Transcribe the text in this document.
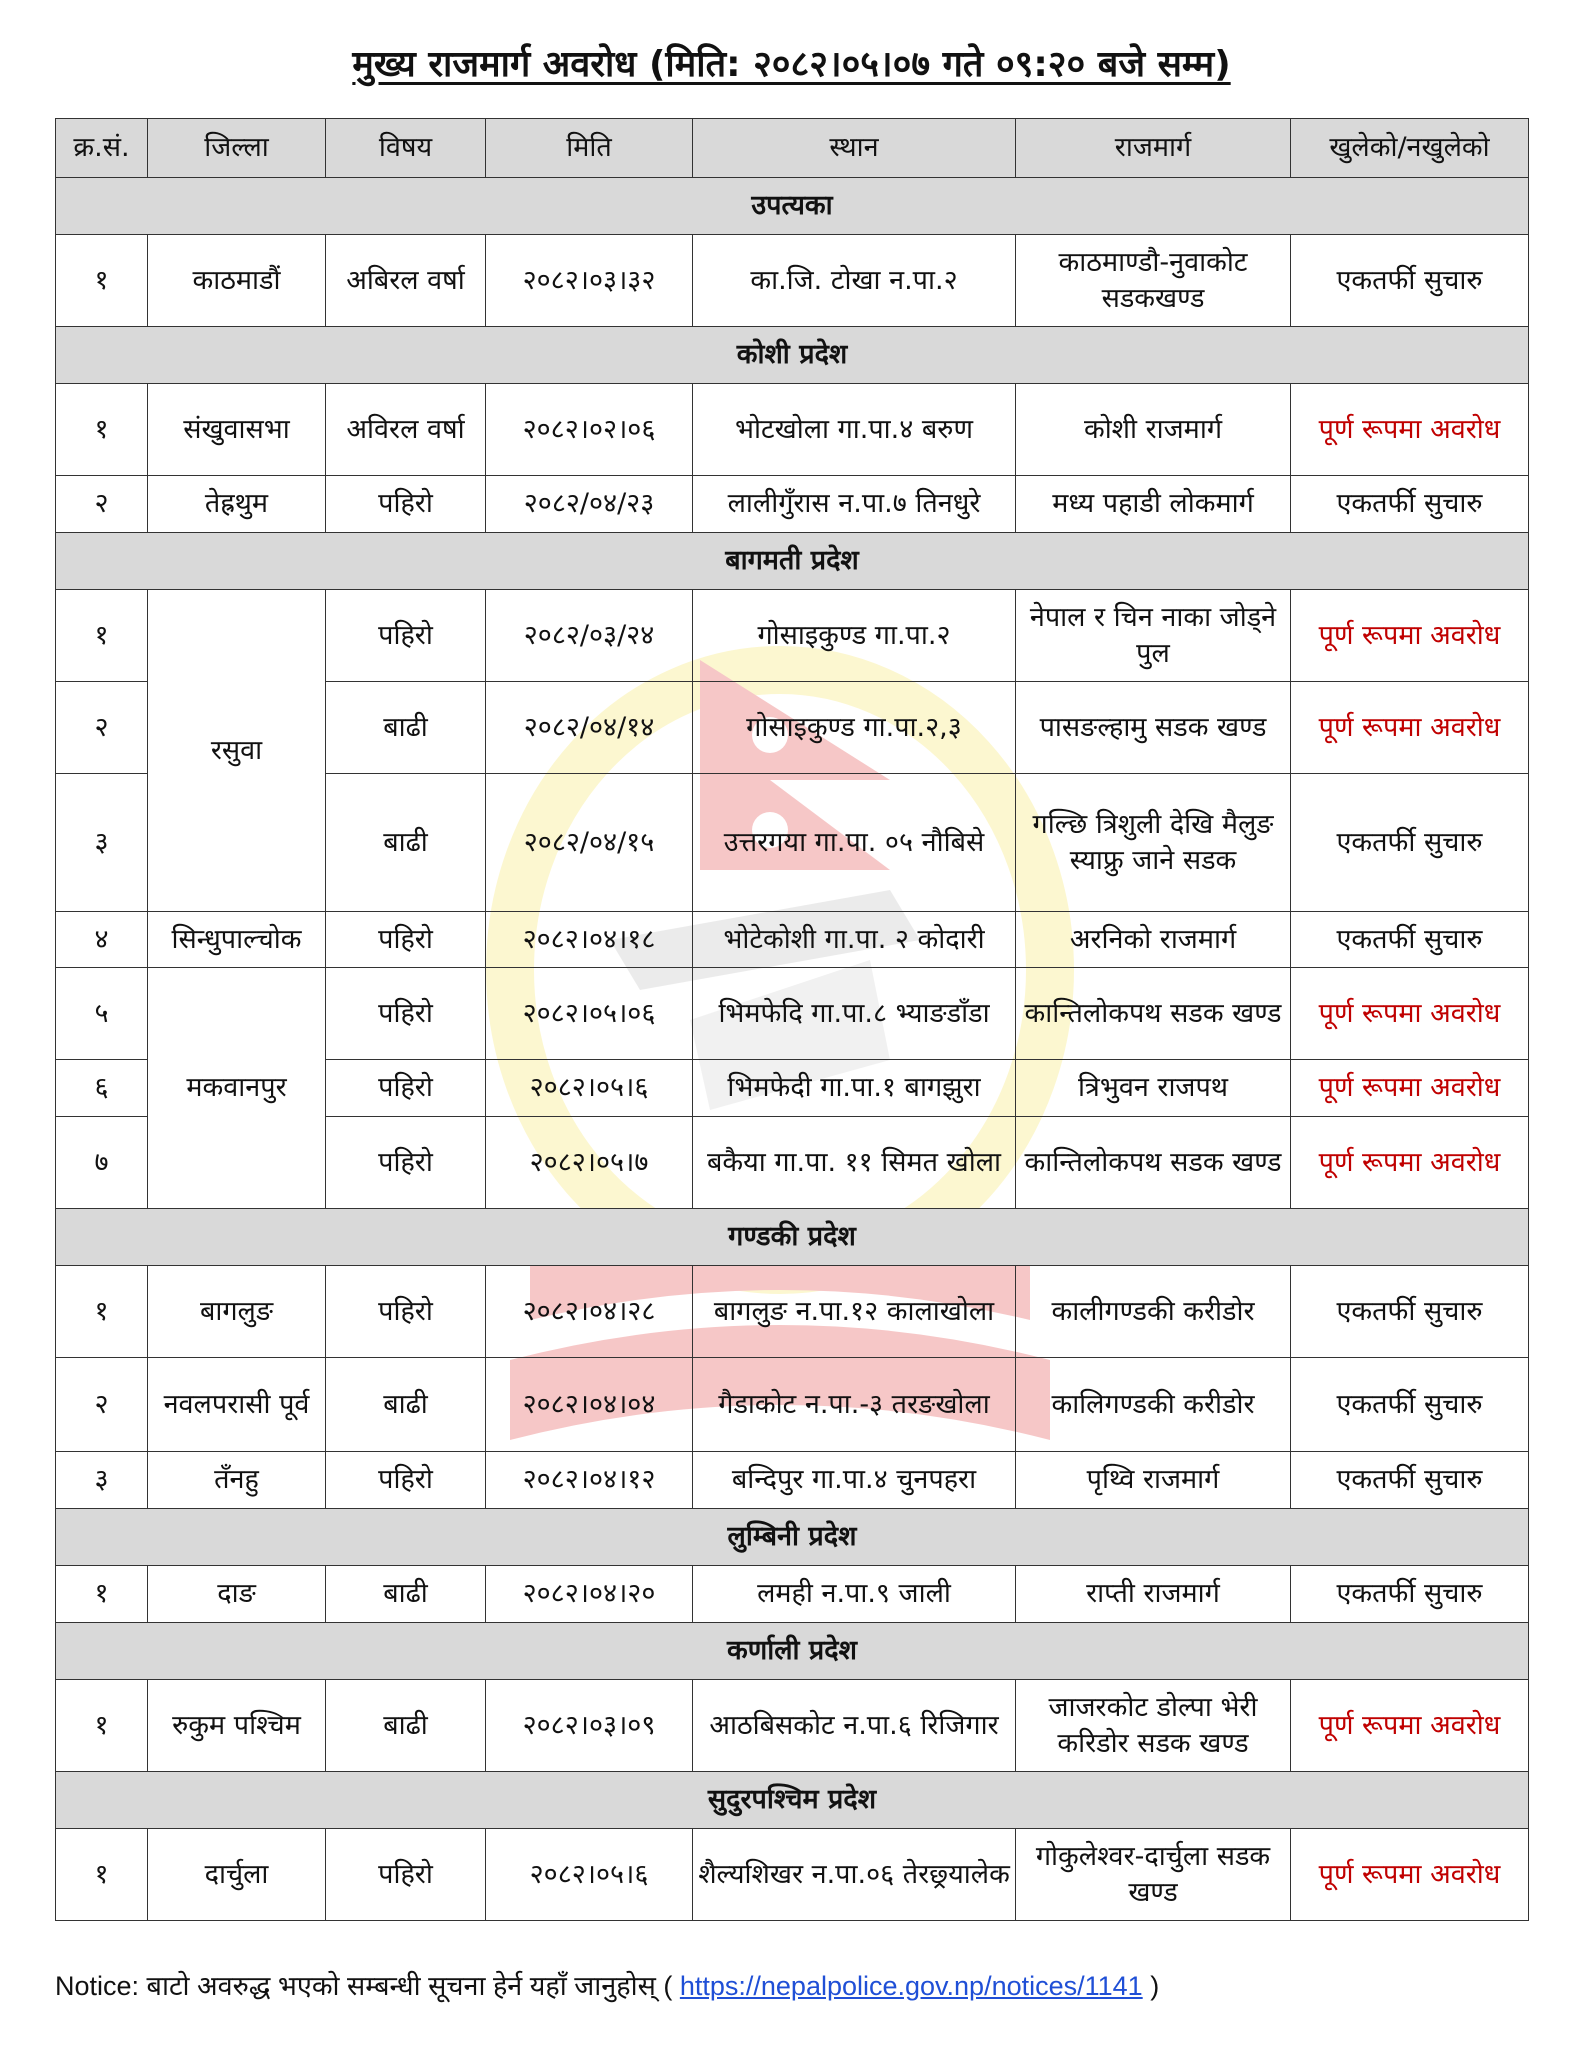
मुख्य राजमार्ग अवरोध (मिति: २०८२।०५।०७ गते ०९:२० बजे सम्म)
क्र.सं.	जिल्ला	विषय	मिति	स्थान	राजमार्ग	खुलेको/नखुलेको
उपत्यका						
१	काठमाडौं	अबिरल वर्षा	२०८२।०३।३२	का.जि. टोखा न.पा.२	काठमाण्डौ-नुवाकोट सडकखण्ड	एकतर्फी सुचारु
कोशी प्रदेश						
१	संखुवासभा	अविरल वर्षा	२०८२।०२।०६	भोटखोला गा.पा.४ बरुण	कोशी राजमार्ग	पूर्ण रूपमा अवरोध
२	तेह्रथुम	पहिरो	२०८२/०४/२३	लालीगुँरास न.पा.७ तिनधुरे	मध्य पहाडी लोकमार्ग	एकतर्फी सुचारु
बागमती प्रदेश						
१	रसुवा	पहिरो	२०८२/०३/२४	गोसाइकुण्ड गा.पा.२	नेपाल र चिन नाका जोड्ने पुल	पूर्ण रूपमा अवरोध
२		बाढी	२०८२/०४/१४	गोसाइकुण्ड गा.पा.२,३	पासङल्हामु सडक खण्ड	पूर्ण रूपमा अवरोध
३		बाढी	२०८२/०४/१५	उत्तरगया गा.पा. ०५ नौबिसे	गल्छि त्रिशुली देखि मैलुङ स्याफ्रु जाने सडक	एकतर्फी सुचारु
४	सिन्धुपाल्चोक	पहिरो	२०८२।०४।१८	भोटेकोशी गा.पा. २ कोदारी	अरनिको राजमार्ग	एकतर्फी सुचारु
५	मकवानपुर	पहिरो	२०८२।०५।०६	भिमफेदि गा.पा.८ भ्याङडाँडा	कान्तिलोकपथ सडक खण्ड	पूर्ण रूपमा अवरोध
६		पहिरो	२०८२।०५।६	भिमफेदी गा.पा.१ बागझुरा	त्रिभुवन राजपथ	पूर्ण रूपमा अवरोध
७		पहिरो	२०८२।०५।७	बकैया गा.पा. ११ सिमत खोला	कान्तिलोकपथ सडक खण्ड	पूर्ण रूपमा अवरोध
गण्डकी प्रदेश						
१	बागलुङ	पहिरो	२०८२।०४।२८	बागलुङ न.पा.१२ कालाखोला	कालीगण्डकी करीडोर	एकतर्फी सुचारु
२	नवलपरासी पूर्व	बाढी	२०८२।०४।०४	गैडाकोट न.पा.-३ तरङखोला	कालिगण्डकी करीडोर	एकतर्फी सुचारु
३	तँनहु	पहिरो	२०८२।०४।१२	बन्दिपुर गा.पा.४ चुनपहरा	पृथ्वि राजमार्ग	एकतर्फी सुचारु
लुम्बिनी प्रदेश						
१	दाङ	बाढी	२०८२।०४।२०	लमही न.पा.९ जाली	राप्ती राजमार्ग	एकतर्फी सुचारु
कर्णाली प्रदेश						
१	रुकुम पश्चिम	बाढी	२०८२।०३।०९	आठबिसकोट न.पा.६ रिजिगार	जाजरकोट डोल्पा भेरी करिडोर सडक खण्ड	पूर्ण रूपमा अवरोध
सुदुरपश्चिम प्रदेश						
१	दार्चुला	पहिरो	२०८२।०५।६	शैल्यशिखर न.पा.०६ तेरछ्र्यालेक	गोकुलेश्वर-दार्चुला सडक खण्ड	पूर्ण रूपमा अवरोध
Notice: बाटो अवरुद्ध भएको सम्बन्धी सूचना हेर्न यहाँ जानुहोस् ( https://nepalpolice.gov.np/notices/1141 )
